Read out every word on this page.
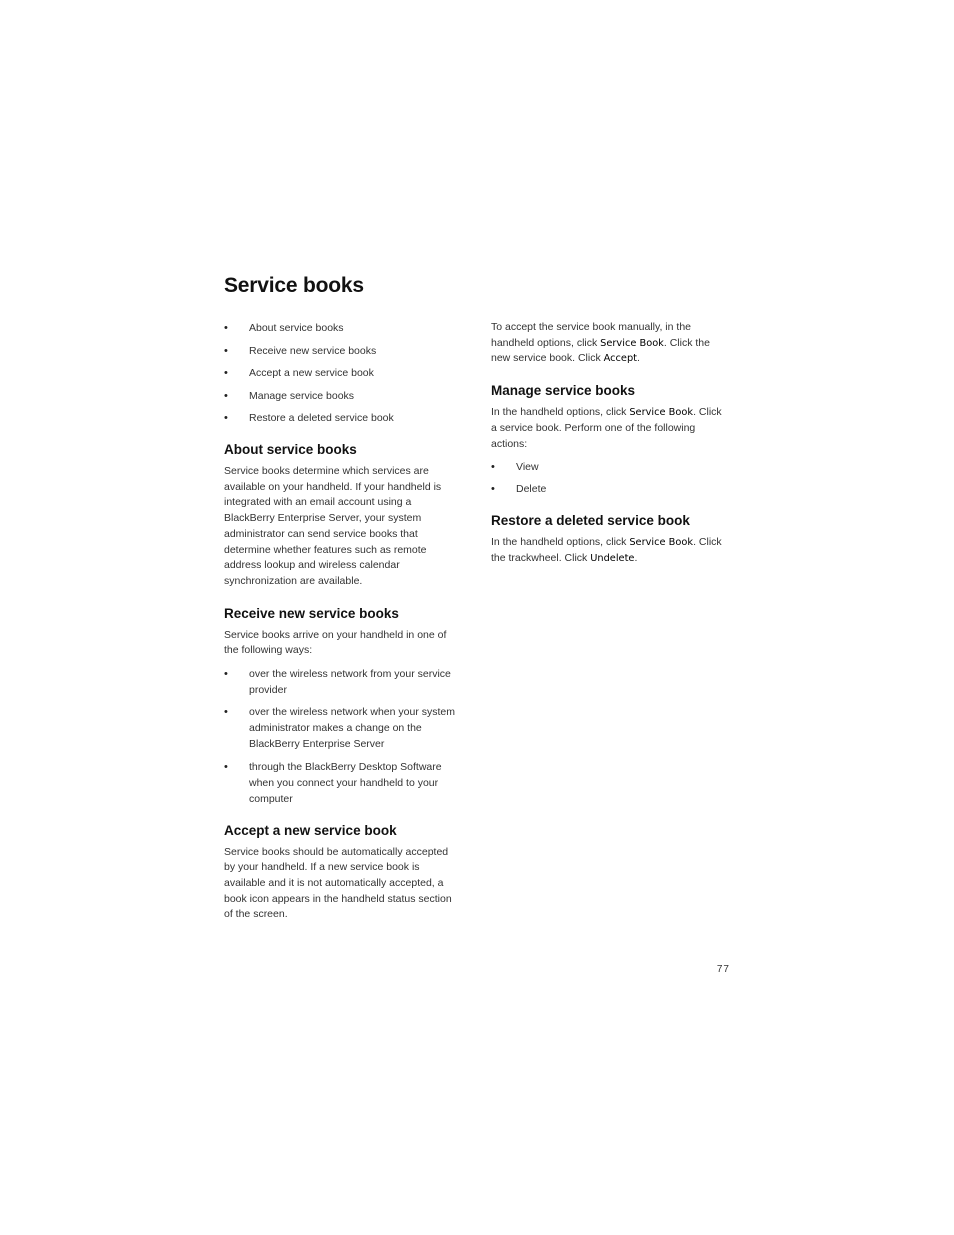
Service books
• About service books
• Receive new service books
• Accept a new service book
• Manage service books
• Restore a deleted service book
About service books

Service books determine which services are available on your handheld. If your handheld is integrated with an email account using a BlackBerry Enterprise Server, your system administrator can send service books that determine whether features such as remote address lookup and wireless calendar synchronization are available.

Receive new service books

Service books arrive on your handheld in one of the following ways:

• over the wireless network from your service provider
• over the wireless network when your system administrator makes a change on the BlackBerry Enterprise Server
• through the BlackBerry Desktop Software when you connect your handheld to your computer
Accept a new service book

Service books should be automatically accepted by your handheld. If a new service book is available and it is not automatically accepted, a book icon appears in the handheld status section of the screen.

To accept the service book manually, in the handheld options, click Service Book. Click the new service book. Click Accept.

Manage service books

In the handheld options, click Service Book. Click a service book. Perform one of the following actions:

• View
• Delete
Restore a deleted service book

In the handheld options, click Service Book. Click the trackwheel. Click Undelete.

77
